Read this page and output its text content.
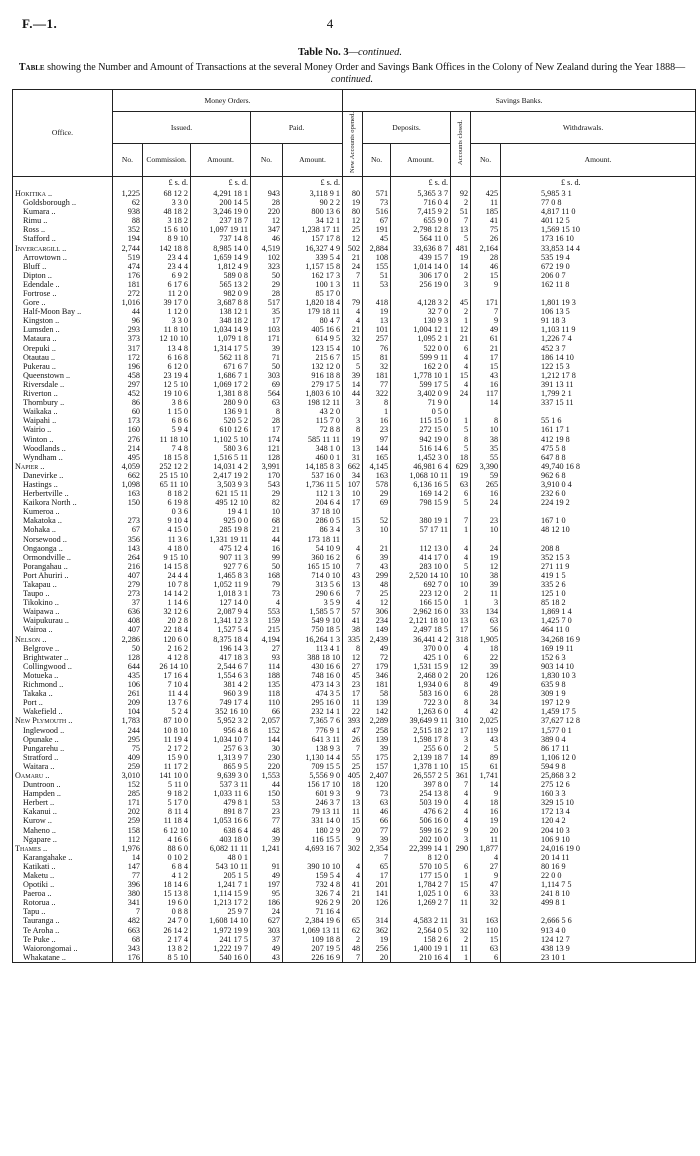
F.—1.	4
Table No. 3—continued.
Table showing the Number and Amount of Transactions at the several Money Order and Savings Bank Offices in the Colony of New Zealand during the Year 1888—continued.
Office.	Money Orders.					Savings Banks.					
	Issued.			Paid.		New Accounts opened.	Deposits.		Accounts closed.	Withdrawals.	
	No.	Commission.	Amount.	No.	Amount.		No.	Amount.		No.	Amount.
		£ s. d.	£ s. d.		£ s. d.			£ s. d.			£ s. d.
Hokitika ..	1,225	68 12 2	4,291 18 1	943	3,118 9 1	80	571	5,365 3 7	92	425	5,985 3 1
Goldsborough ..	62	3 3 0	200 14 5	28	90 2 2	19	73	716 0 4	2	11	77 0 8
Kumara ..	938	48 18 2	3,246 19 0	220	800 13 6	80	516	7,415 9 2	51	185	4,817 11 0
Rimu ..	88	3 18 2	237 18 7	12	34 12 1	12	67	655 9 0	7	41	401 12 5
Ross ..	352	15 6 10	1,097 19 11	347	1,238 17 11	25	191	2,798 12 8	13	75	1,569 15 10
Stafford ..	194	8 9 10	737 14 8	46	157 17 8	12	45	564 11 0	5	26	173 16 10
Invercargill ..	2,744	142 18 8	8,985 14 0	4,519	16,327 4 9	502	2,884	33,636 8 7	481	2,164	33,853 14 4
Arrowtown ..	519	23 4 4	1,659 14 9	102	339 5 4	21	108	439 15 7	19	28	535 19 4
Bluff ..	474	23 4 4	1,812 4 9	323	1,157 15 8	24	155	1,014 14 0	14	46	672 19 0
Dipton ..	176	6 9 2	589 0 8	50	162 17 3	7	51	306 17 0	2	15	206 0 7
Edendale ..	181	6 17 6	565 13 2	29	100 1 3	11	53	256 19 0	3	9	162 11 8
Fortrose ..	272	11 2 0	982 0 9	28	85 17 0						
Gore ..	1,016	39 17 0	3,687 8 8	517	1,820 18 4	79	418	4,128 3 2	45	171	1,801 19 3
Half-Moon Bay ..	44	1 12 0	138 12 1	35	179 18 11	4	19	32 7 0	2	7	106 13 5
Kingston ..	96	3 3 0	348 18 2	17	80 4 7	4	13	130 9 3	1	9	91 18 3
Lumsden ..	293	11 8 10	1,034 14 9	103	405 16 6	21	101	1,004 12 1	12	49	1,103 11 9
Mataura ..	373	12 10 10	1,079 1 8	171	614 9 5	32	257	1,095 2 1	21	61	1,226 7 4
Orepuki ..	317	13 4 8	1,314 17 5	39	123 15 4	10	76	522 0 0	6	21	452 3 7
Otautau ..	172	6 16 8	562 11 8	71	215 6 7	15	81	599 9 11	4	17	186 14 10
Pukerau ..	196	6 12 0	671 6 7	50	132 12 0	5	32	162 2 0	4	15	122 15 3
Queenstown ..	458	23 19 4	1,686 7 1	303	916 18 8	39	181	1,778 10 1	15	43	1,212 17 8
Riversdale ..	297	12 5 10	1,069 17 2	69	279 17 5	14	77	599 17 5	4	16	391 13 11
Riverton ..	452	19 10 6	1,381 8 8	564	1,803 6 10	44	322	3,402 0 9	24	117	1,799 2 1
Thornbury ..	86	3 8 6	280 9 0	63	198 12 11	3	8	71 9 0		14	337 15 11
Waikaka ..	60	1 15 0	136 9 1	8	43 2 0		1	0 5 0			
Waipahi ..	173	6 8 6	520 5 2	28	115 7 0	3	16	115 15 0	1	8	55 1 6
Wairio ..	160	5 9 4	610 12 6	17	72 8 8	8	23	272 15 0	5	10	161 17 1
Winton ..	276	11 18 10	1,102 5 10	174	585 11 11	19	97	942 19 0	8	38	412 19 8
Woodlands ..	214	7 4 8	580 3 6	121	348 1 0	13	144	516 14 6	5	35	475 5 8
Wyndham ..	495	18 15 8	1,516 5 11	128	460 0 1	31	165	1,452 3 0	18	55	647 8 8
Napier ..	4,059	252 12 2	14,031 4 2	3,991	14,185 8 3	662	4,145	46,981 6 4	629	3,390	49,740 16 8
Danevirke ..	662	25 15 10	2,417 19 2	170	537 16 0	34	163	1,068 10 11	19	59	962 6 8
Hastings ..	1,098	65 11 10	3,503 9 3	543	1,736 11 5	107	578	6,136 16 5	63	265	3,910 0 4
Herbertville ..	163	8 18 2	621 15 11	29	112 1 3	10	29	169 14 2	6	16	232 6 0
Kaikora North ..	150	6 19 8	495 12 10	82	204 6 4	17	69	798 15 9	5	24	224 19 2
Kumeroa ..		0 3 6	19 4 1	10	37 18 10						
Makatoka ..	273	9 10 4	925 0 0	68	286 0 5	15	52	380 19 1	7	23	167 1 0
Mohaka ..	67	4 15 0	285 19 8	21	86 3 4	3	10	57 17 11	1	10	48 12 10
Norsewood ..	356	11 3 6	1,331 19 11	44	173 18 11						
Ongaonga ..	143	4 18 0	475 12 4	16	54 10 9	4	21	112 13 0	4	24	208 8
Ormondville ..	264	9 15 10	907 11 3	99	360 16 2	6	39	414 17 0	4	19	352 15 3
Porangahau ..	216	14 15 8	927 7 6	50	165 15 10	7	43	283 10 0	5	12	271 11 9
Port Ahuriri ..	407	24 4 4	1,465 8 3	168	714 0 10	43	299	2,520 14 10	10	38	419 1 5
Takapau ..	279	10 7 8	1,052 11 9	79	313 5 6	13	48	692 7 0	10	39	335 2 6
Taupo ..	273	14 14 2	1,018 3 1	73	290 6 6	7	25	223 12 0	2	11	125 1 0
Tikokino ..	37	1 14 6	127 14 0	4	3 5 9	4	12	166 15 0	1	3	85 18 2
Waipawa ..	636	32 12 6	2,087 9 4	553	1,585 5 7	57	306	2,962 16 0	33	134	1,869 1 4
Waipukurau ..	408	20 2 8	1,341 12 3	159	549 9 10	41	234	2,121 18 10	13	63	1,425 7 0
Wairoa ..	407	22 18 4	1,527 5 4	215	750 18 5	38	149	2,497 18 5	17	56	464 11 0
Nelson ..	2,286	120 6 0	8,375 18 4	4,194	16,264 1 3	335	2,439	36,441 4 2	318	1,905	34,268 16 9
Belgrove ..	50	2 16 2	196 14 3	27	113 4 1	8	49	370 0 0	4	18	169 19 11
Brightwater ..	128	4 12 8	417 18 3	93	388 18 10	12	72	425 1 0	6	22	152 6 3
Collingwood ..	644	26 14 10	2,544 6 7	114	430 16 6	27	179	1,531 15 9	12	39	903 14 10
Motueka ..	435	17 16 4	1,554 6 3	188	748 16 0	45	346	2,468 0 2	20	126	1,830 10 3
Richmond ..	106	7 10 4	381 4 2	135	473 14 3	23	181	1,934 0 6	8	49	635 9 8
Takaka ..	261	11 4 4	960 3 9	118	474 3 5	17	58	583 16 0	6	28	309 1 9
Port ..	209	13 7 6	749 17 4	110	295 16 0	11	139	722 3 0	8	34	197 12 9
Wakefield ..	104	5 2 4	352 16 10	66	232 14 1	22	142	1,263 6 0	4	42	1,459 17 5
New Plymouth ..	1,783	87 10 0	5,952 3 2	2,057	7,365 7 6	393	2,289	39,649 9 11	310	2,025	37,627 12 8
Inglewood ..	244	10 8 10	956 4 8	152	776 9 1	47	258	2,515 18 2	17	119	1,577 0 1
Opunake ..	295	11 19 4	1,034 10 7	144	641 3 11	26	139	1,598 17 8	3	43	389 0 4
Pungarehu ..	75	2 17 2	257 6 3	30	138 9 3	7	39	255 6 0	2	5	86 17 11
Stratford ..	409	15 9 0	1,313 9 7	230	1,130 14 4	55	175	2,139 18 7	14	89	1,106 12 0
Waitara ..	259	11 17 2	865 9 5	220	709 15 5	25	157	1,378 1 10	15	61	594 9 8
Oamaru ..	3,010	141 10 0	9,639 3 0	1,553	5,556 9 0	405	2,407	26,557 2 5	361	1,741	25,868 3 2
Duntroon ..	152	5 11 0	537 3 11	44	156 17 10	18	120	397 8 0	7	14	275 12 6
Hampden ..	285	9 18 2	1,033 11 6	150	601 9 3	9	73	254 13 8	4	9	160 3 3
Herbert ..	171	5 17 0	479 8 1	53	246 3 7	13	63	503 19 0	4	18	329 15 10
Kakanui ..	202	8 11 4	891 8 7	23	79 13 11	11	46	476 6 2	4	16	172 13 4
Kurow ..	259	11 18 4	1,053 16 6	77	331 14 0	15	66	506 16 0	4	19	120 4 2
Maheno ..	158	6 12 10	638 6 4	48	180 2 9	20	77	599 16 2	9	20	204 10 3
Ngapare ..	112	4 16 6	403 18 0	39	116 15 5	9	39	202 10 0	3	11	106 9 10
Thames ..	1,976	88 6 0	6,082 11 11	1,241	4,693 16 7	302	2,354	22,399 14 1	290	1,877	24,016 19 0
Karangahake ..	14	0 10 2	48 0 1				7	8 12 0		4	20 14 11
Katikati ..	147	6 8 4	543 10 11	91	390 10 10	4	65	570 10 5	6	27	80 16 9
Maketu ..	77	4 1 2	205 1 5	49	159 5 4	4	17	177 15 0	1	9	22 0 0
Opotiki ..	396	18 14 6	1,241 7 1	197	732 4 8	41	201	1,784 2 7	15	47	1,114 7 5
Paeroa ..	380	15 13 8	1,114 15 9	95	326 7 4	21	141	1,025 1 0	6	33	241 8 10
Rotorua ..	341	19 6 0	1,213 17 2	186	926 2 9	20	126	1,269 2 7	11	32	499 8 1
Tapu ..	7	0 8 8	25 9 7	24	71 16 4						
Tauranga ..	482	24 7 0	1,608 14 10	627	2,384 19 6	65	314	4,583 2 11	31	163	2,666 5 6
Te Aroha ..	663	26 14 2	1,972 19 9	303	1,069 13 11	62	362	2,564 0 5	32	110	913 4 0
Te Puke ..	68	2 17 4	241 17 5	37	109 18 8	2	19	158 2 6	2	15	124 12 7
Waiorongomai ..	343	13 8 2	1,222 19 7	49	207 19 5	48	256	1,400 19 1	11	63	438 13 9
Whakatane ..	176	8 5 10	540 16 0	43	226 16 9	7	20	210 16 4	1	6	23 10 1
